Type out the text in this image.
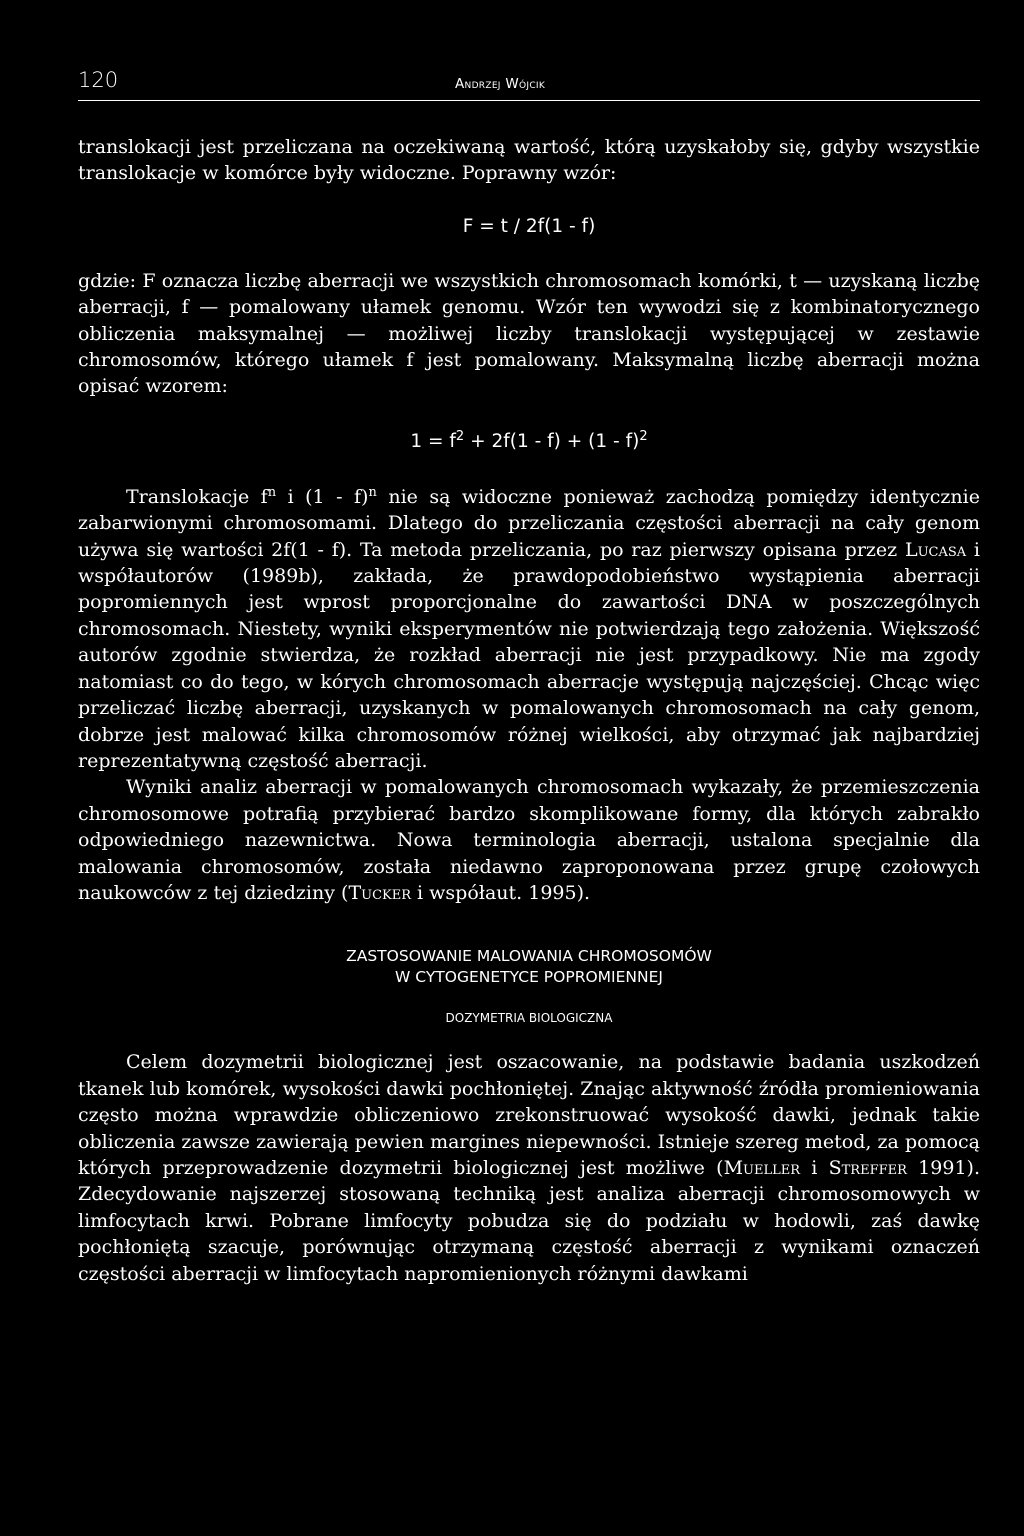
120	Andrzej Wójcik

translokacji jest przeliczana na oczekiwaną wartość, którą uzyskałoby się, gdyby wszystkie translokacje w komórce były widoczne. Poprawny wzór:

F = t / 2f(1 - f)

gdzie: F oznacza liczbę aberracji we wszystkich chromosomach komórki, t — uzyskaną liczbę aberracji, f — pomalowany ułamek genomu. Wzór ten wywodzi się z kombinatorycznego obliczenia maksymalnej — możliwej liczby translokacji występującej w zestawie chromosomów, którego ułamek f jest pomalowany. Maksymalną liczbę aberracji można opisać wzorem:

$1 = f^2 + 2f(1 - f) + (1 - f)^2$

Translokacje $f^n$ i (1 - f)$^n$ nie są widoczne ponieważ zachodzą pomiędzy identycznie zabarwionymi chromosomami. Dlatego do przeliczania częstości aberracji na cały genom używa się wartości 2f(1 - f). Ta metoda przeliczania, po raz pierwszy opisana przez Lucasa i współautorów (1989b), zakłada, że prawdopodobieństwo wystąpienia aberracji popromiennych jest wprost proporcjonalne do zawartości DNA w poszczególnych chromosomach. Niestety, wyniki eksperymentów nie potwierdzają tego założenia. Większość autorów zgodnie stwierdza, że rozkład aberracji nie jest przypadkowy. Nie ma zgody natomiast co do tego, w kórych chromosomach aberracje występują najczęściej. Chcąc więc przeliczać liczbę aberracji, uzyskanych w pomalowanych chromosomach na cały genom, dobrze jest malować kilka chromosomów różnej wielkości, aby otrzymać jak najbardziej reprezentatywną częstość aberracji.

Wyniki analiz aberracji w pomalowanych chromosomach wykazały, że przemieszczenia chromosomowe potrafią przybierać bardzo skomplikowane formy, dla których zabrakło odpowiedniego nazewnictwa. Nowa terminologia aberracji, ustalona specjalnie dla malowania chromosomów, została niedawno zaproponowana przez grupę czołowych naukowców z tej dziedziny (Tucker i współaut. 1995).

ZASTOSOWANIE MALOWANIA CHROMOSOMÓW
W CYTOGENETYCE POPROMIENNEJ

DOZYMETRIA BIOLOGICZNA

Celem dozymetrii biologicznej jest oszacowanie, na podstawie badania uszkodzeń tkanek lub komórek, wysokości dawki pochłoniętej. Znając aktywność źródła promieniowania często można wprawdzie obliczeniowo zrekonstruować wysokość dawki, jednak takie obliczenia zawsze zawierają pewien margines niepewności. Istnieje szereg metod, za pomocą których przeprowadzenie dozymetrii biologicznej jest możliwe (Mueller i Streffer 1991). Zdecydowanie najszerzej stosowaną techniką jest analiza aberracji chromosomowych w limfocytach krwi. Pobrane limfocyty pobudza się do podziału w hodowli, zaś dawkę pochłoniętą szacuje, porównując otrzymaną częstość aberracji z wynikami oznaczeń częstości aberracji w limfocytach napromienionych różnymi dawkami
